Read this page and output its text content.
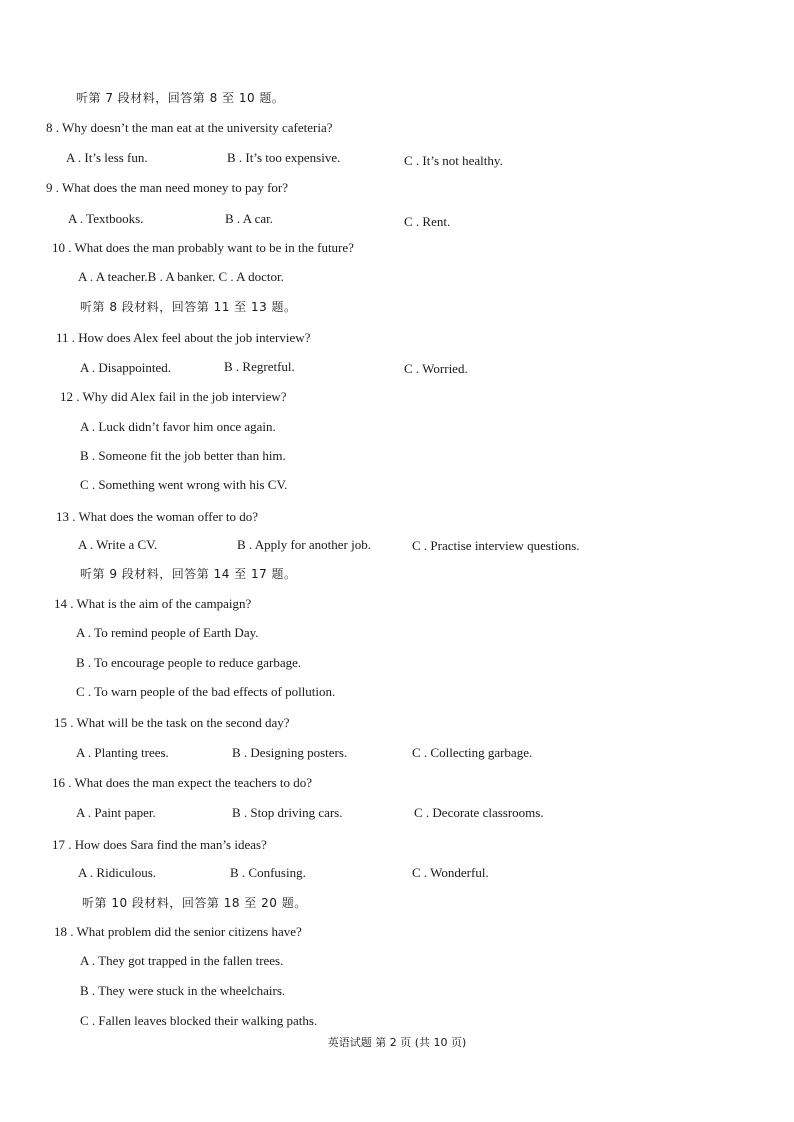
听第 7 段材料，回答第 8 至 10 题。
8 . Why doesn’t the man eat at the university cafeteria?
A . It’s less fun.	B . It’s too expensive.	C . It’s not healthy.
9 . What does the man need money to pay for?
A . Textbooks.	B . A car.	C . Rent.
10 . What does the man probably want to be in the future?
A . A teacher.B . A banker. C . A doctor.
听第 8 段材料，回答第 11 至 13 题。
11 . How does Alex feel about the job interview?
A . Disappointed.	B . Regretful.	C . Worried.
12 . Why did Alex fail in the job interview?
A . Luck didn’t favor him once again.
B . Someone fit the job better than him.
C . Something went wrong with his CV.
13 . What does the woman offer to do?
A . Write a CV.	B . Apply for another job.	C . Practise interview questions.
听第 9 段材料，回答第 14 至 17 题。
14 . What is the aim of the campaign?
A . To remind people of Earth Day.
B . To encourage people to reduce garbage.
C . To warn people of the bad effects of pollution.
15 . What will be the task on the second day?
A . Planting trees.	B . Designing posters.	C . Collecting garbage.
16 . What does the man expect the teachers to do?
A . Paint paper.	B . Stop driving cars.	C . Decorate classrooms.
17 . How does Sara find the man’s ideas?
A . Ridiculous.	B . Confusing.	C . Wonderful.
听第 10 段材料，回答第 18 至 20 题。
18 . What problem did the senior citizens have?
A . They got trapped in the fallen trees.
B . They were stuck in the wheelchairs.
C . Fallen leaves blocked their walking paths.
英语试题 第 2 页 (共 10 页)
